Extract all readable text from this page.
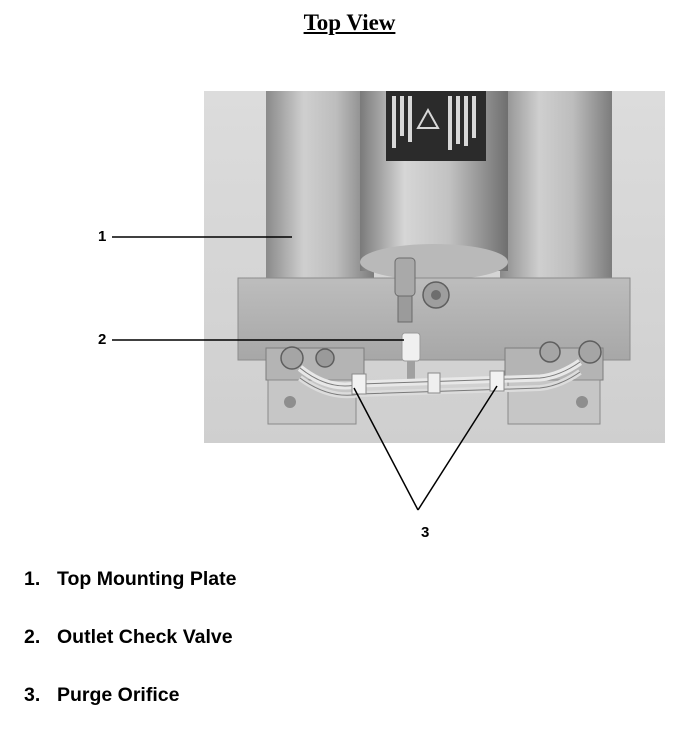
Top View
1
2
3
1. Top Mounting Plate
2. Outlet Check Valve
3. Purge Orifice
